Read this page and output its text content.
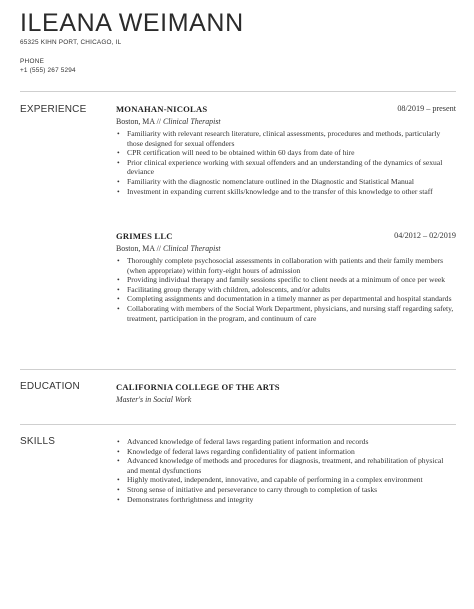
ILEANA WEIMANN
65325 KIHN PORT, CHICAGO, IL
PHONE
+1 (555) 267 5294
EXPERIENCE	MONAHAN-NICOLAS	08/2019 – present
Boston, MA // Clinical Therapist
• Familiarity with relevant research literature, clinical assessments, procedures and methods, particularly those designed for sexual offenders
• CPR certification will need to be obtained within 60 days from date of hire
• Prior clinical experience working with sexual offenders and an understanding of the dynamics of sexual deviance
• Familiarity with the diagnostic nomenclature outlined in the Diagnostic and Statistical Manual
• Investment in expanding current skills/knowledge and to the transfer of this knowledge to other staff
GRIMES LLC	04/2012 – 02/2019
Boston, MA // Clinical Therapist
• Thoroughly complete psychosocial assessments in collaboration with patients and their family members (when appropriate) within forty-eight hours of admission
• Providing individual therapy and family sessions specific to client needs at a minimum of once per week
• Facilitating group therapy with children, adolescents, and/or adults
• Completing assignments and documentation in a timely manner as per departmental and hospital standards
• Collaborating with members of the Social Work Department, physicians, and nursing staff regarding safety, treatment, participation in the program, and continuum of care
EDUCATION	CALIFORNIA COLLEGE OF THE ARTS
Master's in Social Work
SKILLS	• Advanced knowledge of federal laws regarding patient information and records
• Knowledge of federal laws regarding confidentiality of patient information
• Advanced knowledge of methods and procedures for diagnosis, treatment, and rehabilitation of physical and mental dysfunctions
• Highly motivated, independent, innovative, and capable of performing in a complex environment
• Strong sense of initiative and perseverance to carry through to completion of tasks
• Demonstrates forthrightness and integrity
